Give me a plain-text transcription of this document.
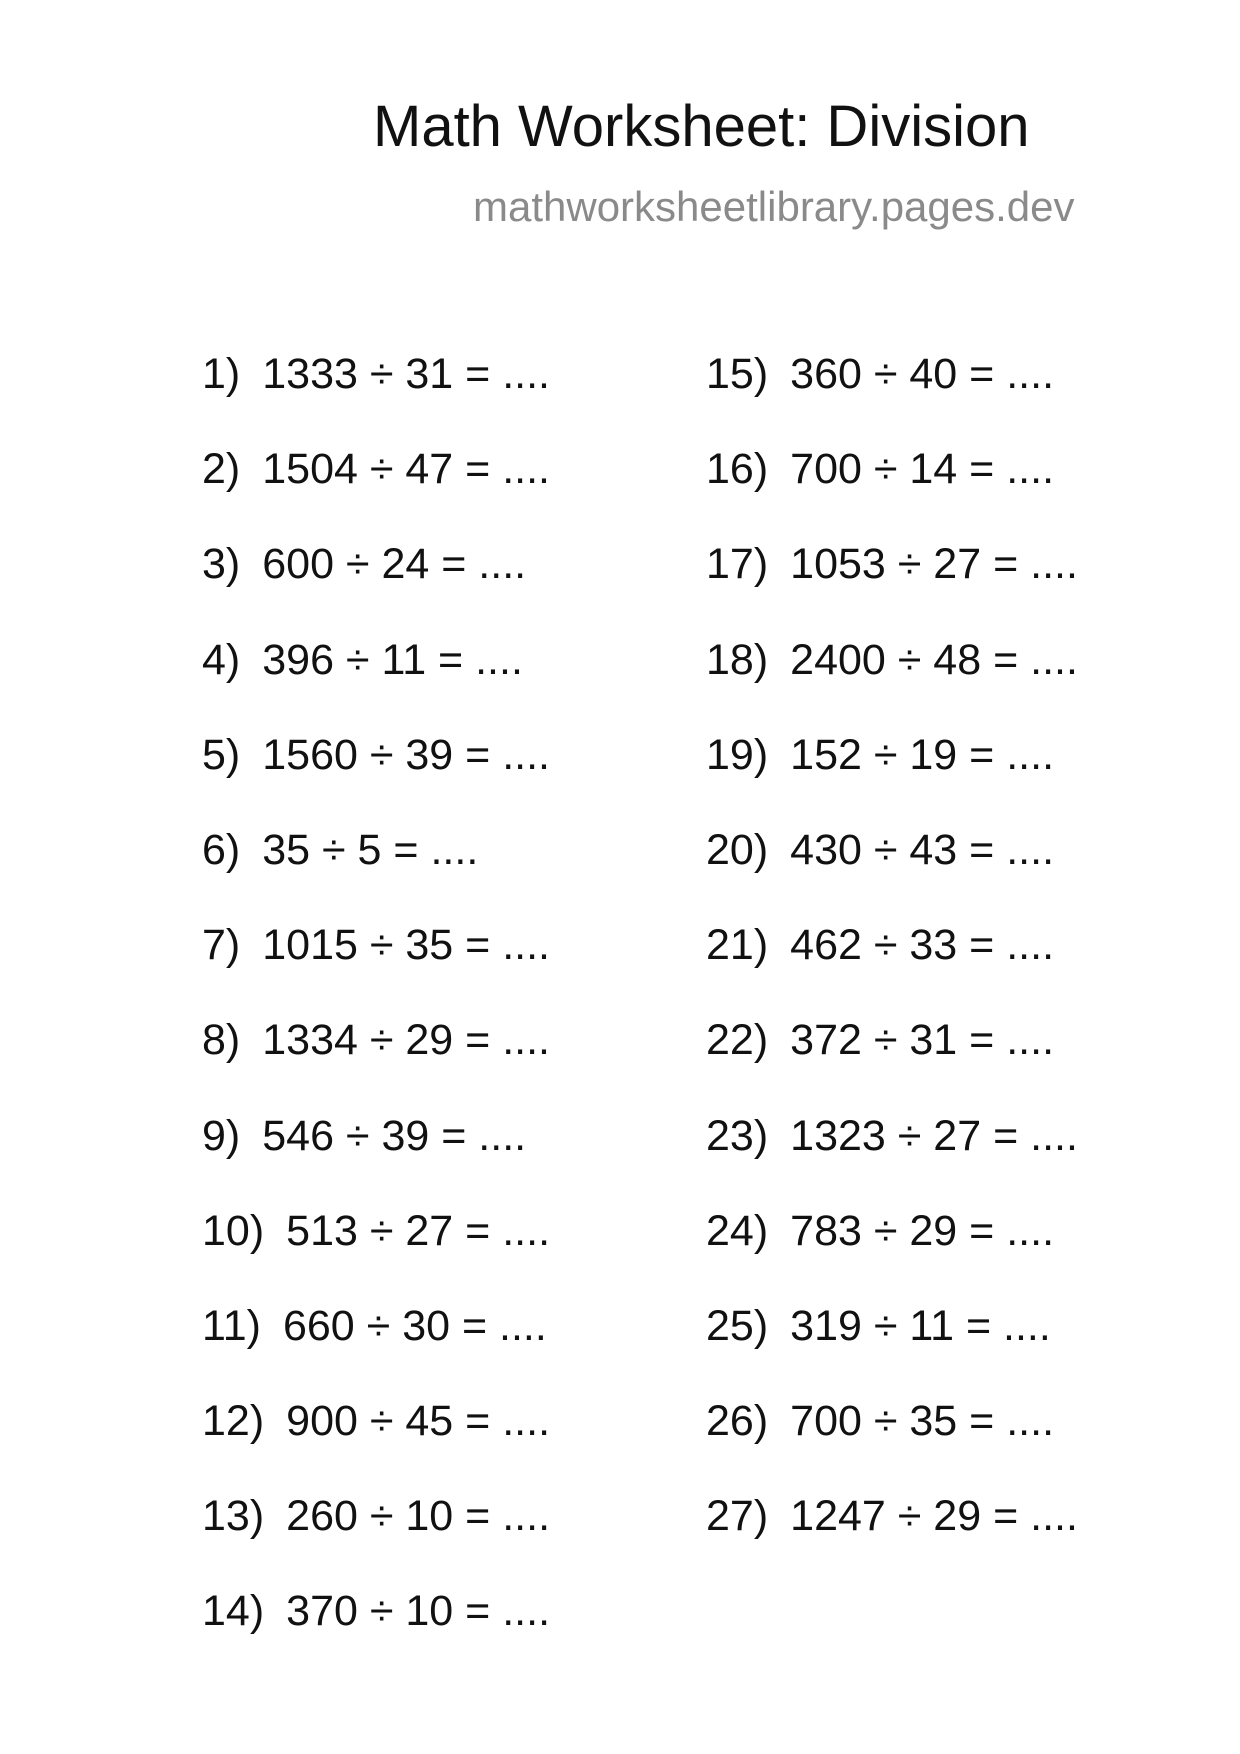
Math Worksheet: Division
mathworksheetlibrary.pages.dev
1) 1333 ÷ 31 = ....
2) 1504 ÷ 47 = ....
3) 600 ÷ 24 = ....
4) 396 ÷ 11 = ....
5) 1560 ÷ 39 = ....
6) 35 ÷ 5 = ....
7) 1015 ÷ 35 = ....
8) 1334 ÷ 29 = ....
9) 546 ÷ 39 = ....
10) 513 ÷ 27 = ....
11) 660 ÷ 30 = ....
12) 900 ÷ 45 = ....
13) 260 ÷ 10 = ....
14) 370 ÷ 10 = ....
15) 360 ÷ 40 = ....
16) 700 ÷ 14 = ....
17) 1053 ÷ 27 = ....
18) 2400 ÷ 48 = ....
19) 152 ÷ 19 = ....
20) 430 ÷ 43 = ....
21) 462 ÷ 33 = ....
22) 372 ÷ 31 = ....
23) 1323 ÷ 27 = ....
24) 783 ÷ 29 = ....
25) 319 ÷ 11 = ....
26) 700 ÷ 35 = ....
27) 1247 ÷ 29 = ....
